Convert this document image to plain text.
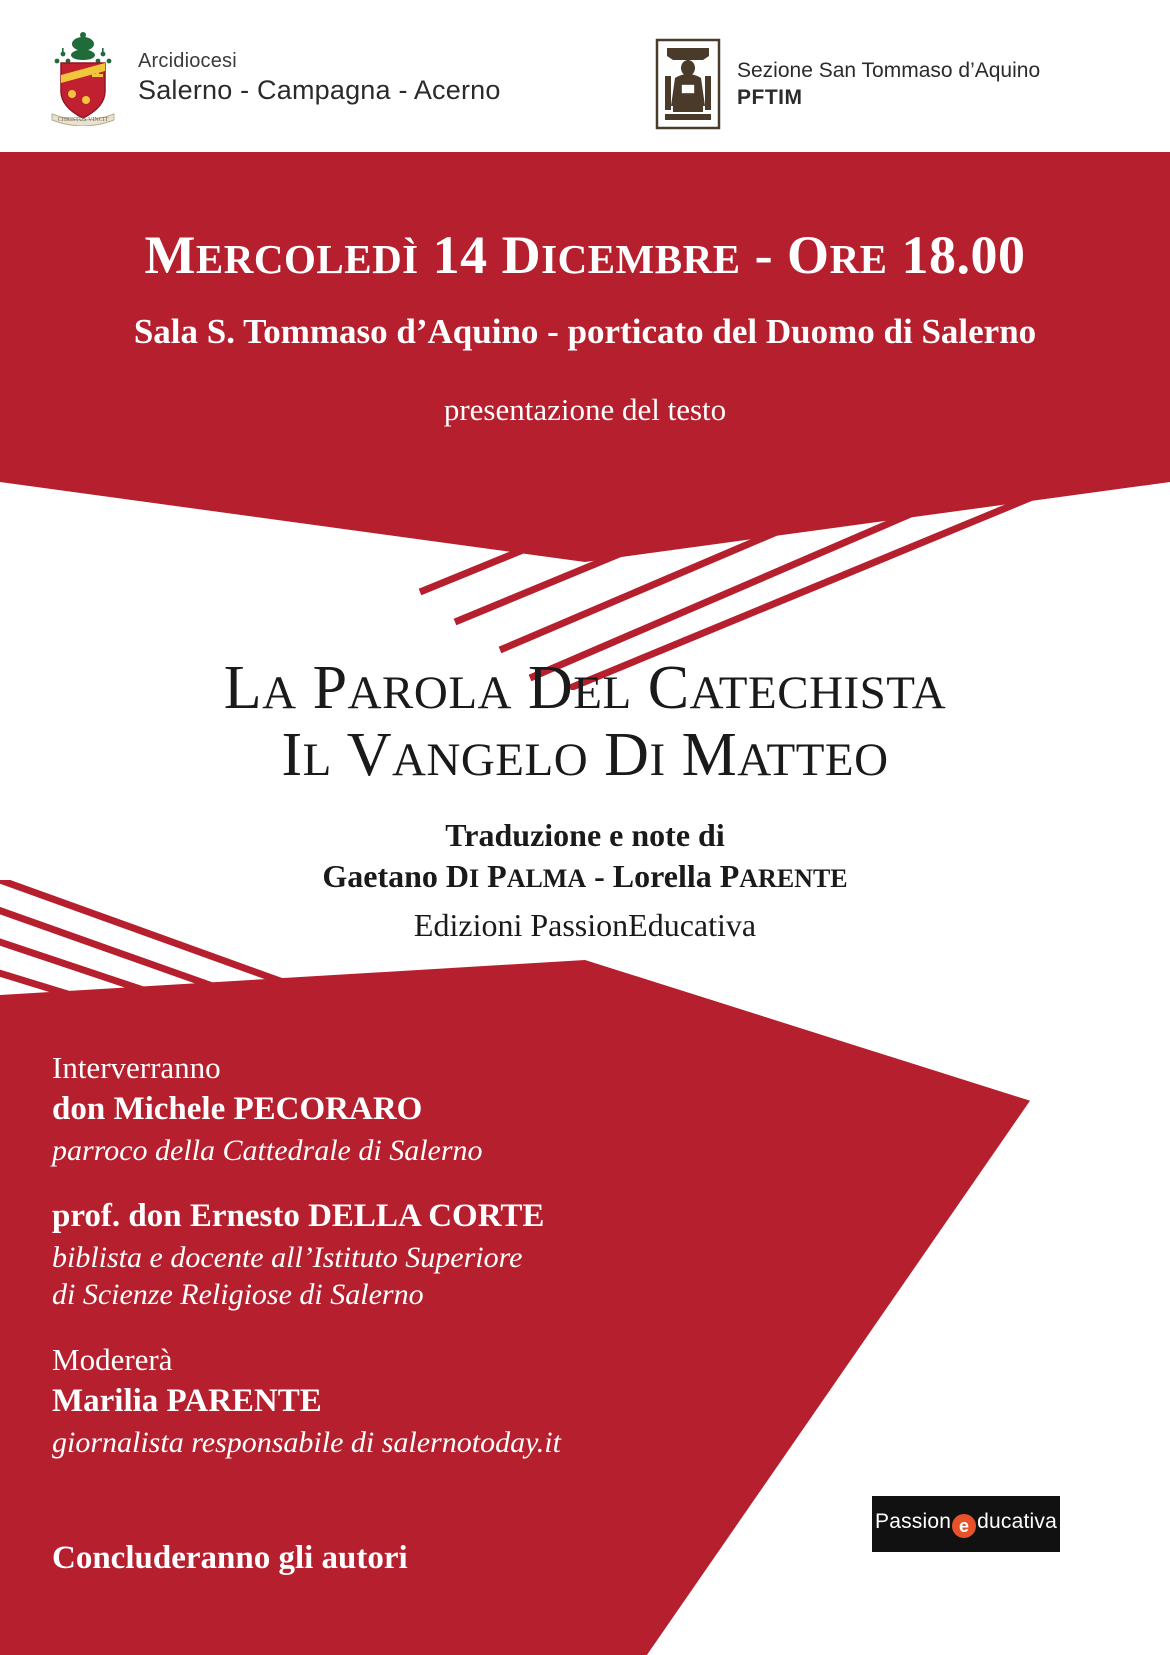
CHRISTUS VINCIT
Arcidiocesi
Salerno - Campagna - Acerno
Sezione San Tommaso d’Aquino
PFTIM
MERCOLEDÌ 14 DICEMBRE - ORE 18.00
Sala S. Tommaso d’Aquino - porticato del Duomo di Salerno
presentazione del testo
LA PAROLA DEL CATECHISTA
IL VANGELO DI MATTEO
Traduzione e note di
Gaetano DI PALMA - Lorella PARENTE
Edizioni PassionEducativa
Interverranno
don Michele PECORARO
parroco della Cattedrale di Salerno
prof. don Ernesto DELLA CORTE
biblista e docente all’Istituto Superiore
di Scienze Religiose di Salerno
Modererà
Marilia PARENTE
giornalista responsabile di salernotoday.it
Concluderanno gli autori
Passion e ducativa
